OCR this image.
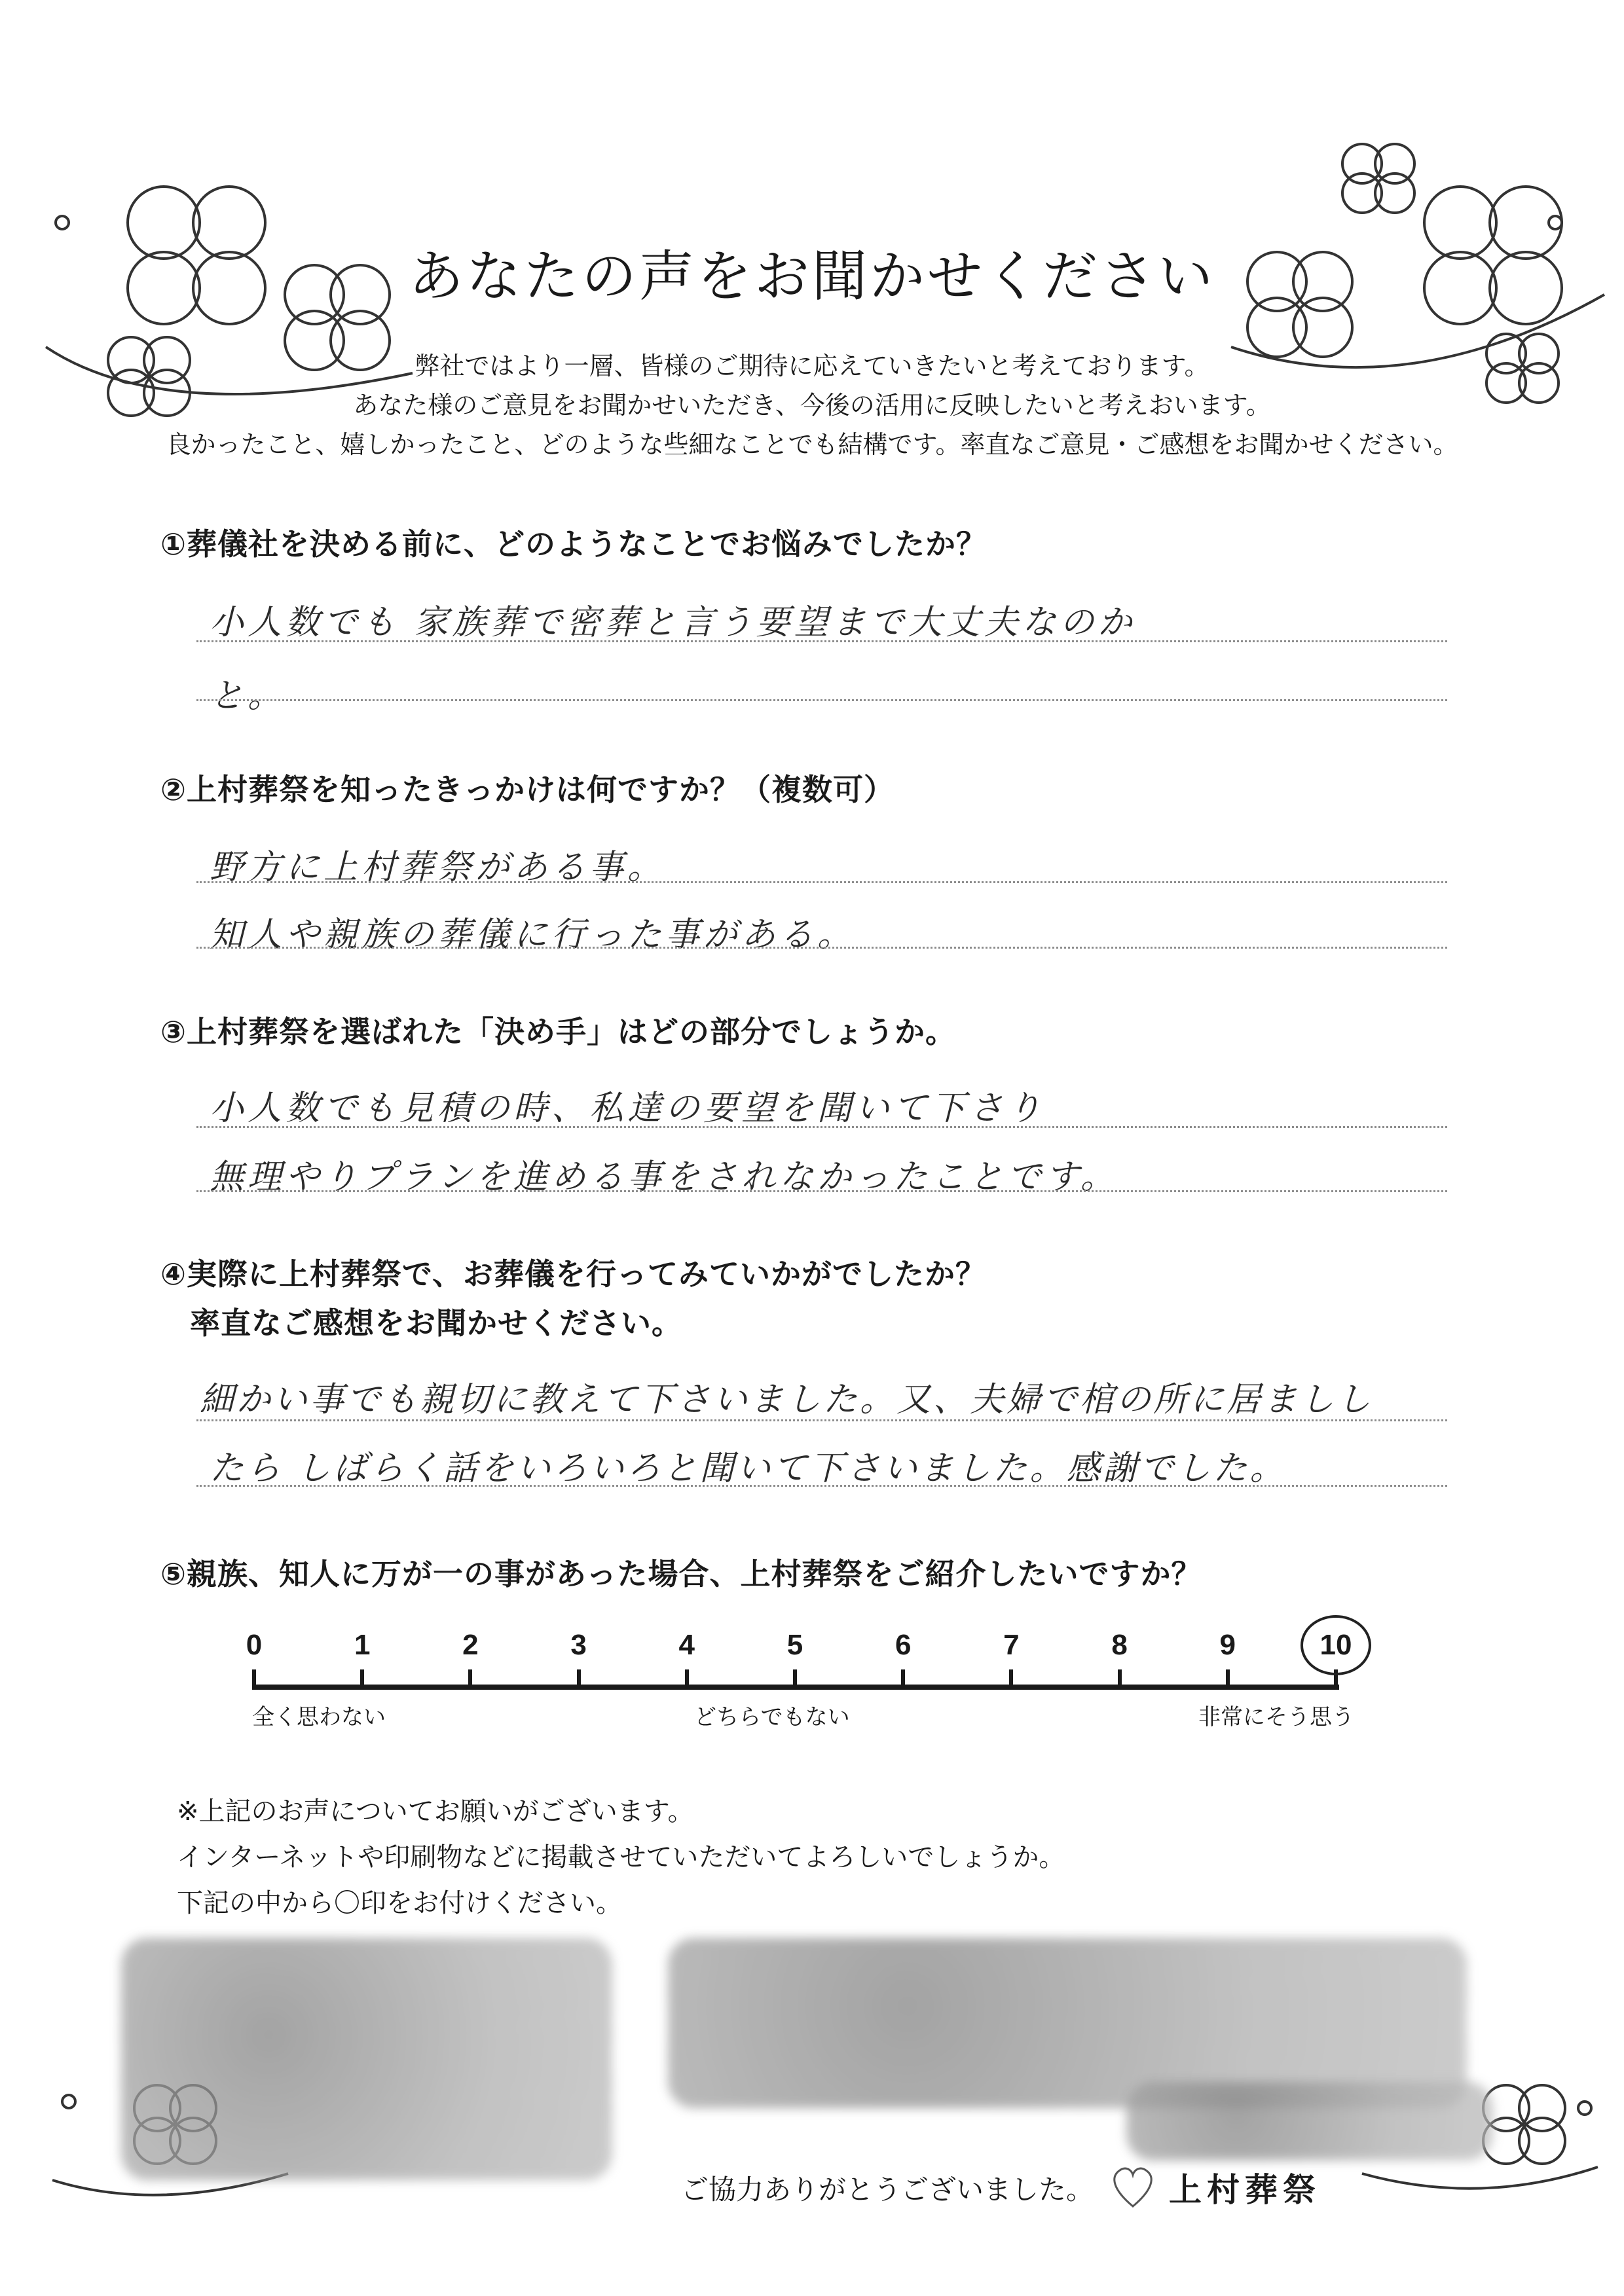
あなたの声をお聞かせください
弊社ではより一層、皆様のご期待に応えていきたいと考えております。
あなた様のご意見をお聞かせいただき、今後の活用に反映したいと考えおいます。
良かったこと、嬉しかったこと、どのような些細なことでも結構です。率直なご意見・ご感想をお聞かせください。
①葬儀社を決める前に、どのようなことでお悩みでしたか？
小人数でも 家族葬で密葬と言う要望まで大丈夫なのか
と。
②上村葬祭を知ったきっかけは何ですか？（複数可）
野方に上村葬祭がある事。
知人や親族の葬儀に行った事がある。
③上村葬祭を選ばれた「決め手」はどの部分でしょうか。
小人数でも見積の時、私達の要望を聞いて下さり
無理やりプランを進める事をされなかったことです。
④実際に上村葬祭で、お葬儀を行ってみていかがでしたか？
率直なご感想をお聞かせください。
細かい事でも親切に教えて下さいました。又、夫婦で棺の所に居ましし
たら しばらく話をいろいろと聞いて下さいました。感謝でした。
⑤親族、知人に万が一の事があった場合、上村葬祭をご紹介したいですか？
0	1	2	3	4	5	6	7	8	9	10
全く思わない	どちらでもない	非常にそう思う
※上記のお声についてお願いがございます。
インターネットや印刷物などに掲載させていただいてよろしいでしょうか。
下記の中から〇印をお付けください。
ご協力ありがとうございました。 上村葬祭
